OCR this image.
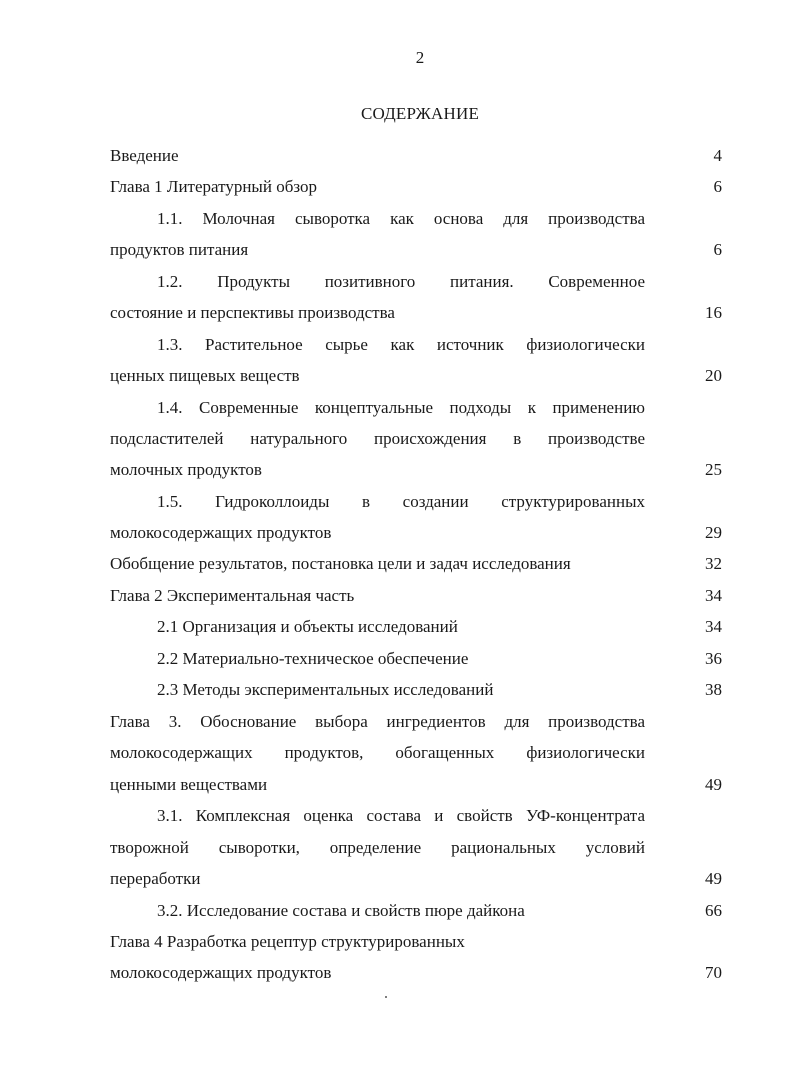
2
СОДЕРЖАНИЕ
Введение	4
Глава 1 Литературный обзор	6
1.1. Молочная сыворотка как основа для производства
продуктов питания	6
1.2. Продукты позитивного питания. Современное
состояние и перспективы производства	16
1.3. Растительное сырье как источник физиологически
ценных пищевых веществ	20
1.4. Современные концептуальные подходы к применению
подсластителей натурального происхождения в производстве
молочных продуктов	25
1.5. Гидроколлоиды в создании структурированных
молокосодержащих продуктов	29
Обобщение результатов, постановка цели и задач исследования	32
Глава 2 Экспериментальная часть	34
2.1 Организация и объекты исследований	34
2.2 Материально-техническое обеспечение	36
2.3 Методы экспериментальных исследований	38
Глава 3. Обоснование выбора ингредиентов для производства
молокосодержащих продуктов, обогащенных физиологически
ценными веществами	49
3.1. Комплексная оценка состава и свойств УФ-концентрата
творожной сыворотки, определение рациональных условий
переработки	49
3.2. Исследование состава и свойств пюре дайкона	66
Глава 4 Разработка рецептур структурированных
молокосодержащих продуктов	70
